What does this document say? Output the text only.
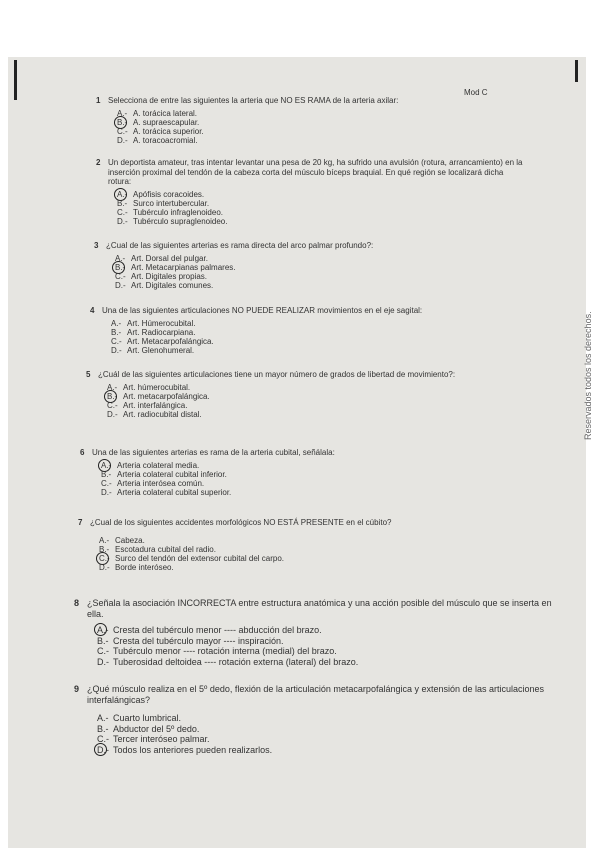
Mod C
Reservados todos los derechos.
1 Selecciona de entre las siguientes la arteria que NO ES RAMA de la arteria axilar:
A.- A. torácica lateral.
B.- A. supraescapular.
C.- A. torácica superior.
D.- A. toracoacromial.
2 Un deportista amateur, tras intentar levantar una pesa de 20 kg, ha sufrido una avulsión (rotura, arrancamiento) en la inserción proximal del tendón de la cabeza corta del músculo bíceps braquial. En qué región se localizará dicha rotura:
A.- Apófisis coracoides.
B.- Surco intertubercular.
C.- Tubérculo infraglenoideo.
D.- Tubérculo supraglenoideo.
3 ¿Cual de las siguientes arterias es rama directa del arco palmar profundo?:
A.- Art. Dorsal del pulgar.
B.- Art. Metacarpianas palmares.
C.- Art. Digitales propias.
D.- Art. Digitales comunes.
4 Una de las siguientes articulaciones NO PUEDE REALIZAR movimientos en el eje sagital:
A.- Art. Húmerocubital.
B.- Art. Radiocarpiana.
C.- Art. Metacarpofalángica.
D.- Art. Glenohumeral.
5 ¿Cuál de las siguientes articulaciones tiene un mayor número de grados de libertad de movimiento?:
A.- Art. húmerocubital.
B.- Art. metacarpofalángica.
C.- Art. interfalángica.
D.- Art. radiocubital distal.
6 Una de las siguientes arterias es rama de la arteria cubital, señálala:
A.- Arteria colateral media.
B.- Arteria colateral cubital inferior.
C.- Arteria interósea común.
D.- Arteria colateral cubital superior.
7 ¿Cual de los siguientes accidentes morfológicos NO ESTÁ PRESENTE en el cúbito?
A.- Cabeza.
B.- Escotadura cubital del radio.
C.- Surco del tendón del extensor cubital del carpo.
D.- Borde interóseo.
8 ¿Señala la asociación INCORRECTA entre estructura anatómica y una acción posible del músculo que se inserta en ella.
A.- Cresta del tubérculo menor ---- abducción del brazo.
B.- Cresta del tubérculo mayor ---- inspiración.
C.- Tubérculo menor ---- rotación interna (medial) del brazo.
D.- Tuberosidad deltoidea ---- rotación externa (lateral) del brazo.
9 ¿Qué músculo realiza en el 5º dedo, flexión de la articulación metacarpofalángica y extensión de las articulaciones interfalángicas?
A.- Cuarto lumbrical.
B.- Abductor del 5º dedo.
C.- Tercer interóseo palmar.
D.- Todos los anteriores pueden realizarlos.
